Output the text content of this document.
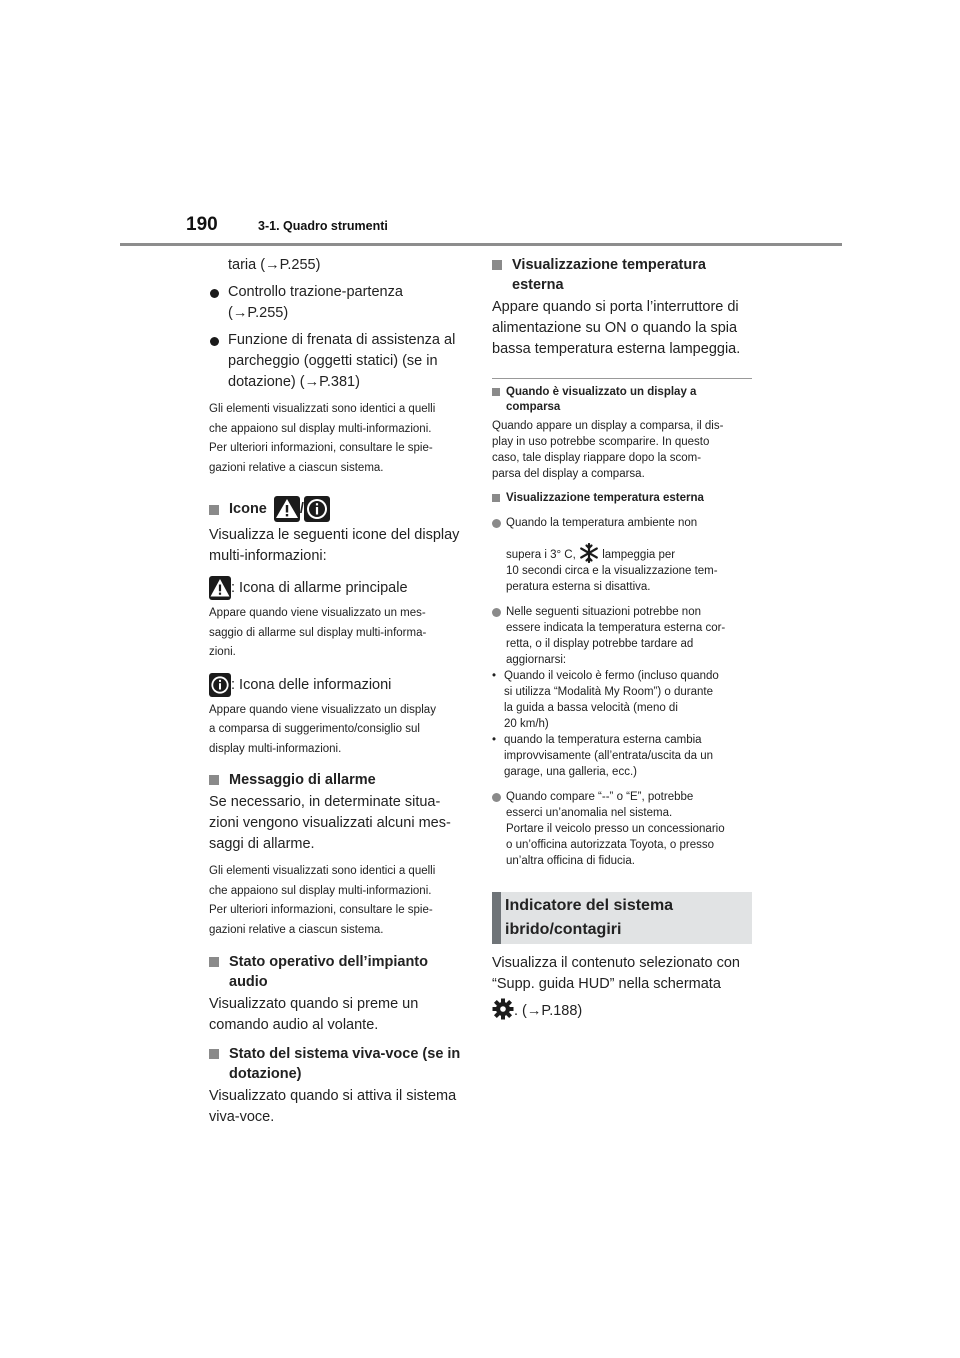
190	3-1. Quadro strumenti
taria (→P.255)
Controllo trazione-partenza
(→P.255)
Funzione di frenata di assistenza al
parcheggio (oggetti statici) (se in
dotazione) (→P.381)
Gli elementi visualizzati sono identici a quelli
che appaiono sul display multi-informazioni.
Per ulteriori informazioni, consultare le spie-
gazioni relative a ciascun sistema.
Icone /
Visualizza le seguenti icone del display
multi-informazioni:
: Icona di allarme principale
Appare quando viene visualizzato un mes-
saggio di allarme sul display multi-informa-
zioni.
: Icona delle informazioni
Appare quando viene visualizzato un display
a comparsa di suggerimento/consiglio sul
display multi-informazioni.
Messaggio di allarme
Se necessario, in determinate situa-
zioni vengono visualizzati alcuni mes-
saggi di allarme.
Gli elementi visualizzati sono identici a quelli
che appaiono sul display multi-informazioni.
Per ulteriori informazioni, consultare le spie-
gazioni relative a ciascun sistema.
Stato operativo dell’impianto
audio
Visualizzato quando si preme un
comando audio al volante.
Stato del sistema viva-voce (se in
dotazione)
Visualizzato quando si attiva il sistema
viva-voce.
Visualizzazione temperatura
esterna
Appare quando si porta l’interruttore di
alimentazione su ON o quando la spia
bassa temperatura esterna lampeggia.
Quando è visualizzato un display a
comparsa
Quando appare un display a comparsa, il dis-
play in uso potrebbe scomparire. In questo
caso, tale display riappare dopo la scom-
parsa del display a comparsa.
Visualizzazione temperatura esterna
Quando la temperatura ambiente non
supera i 3° C, lampeggia per
10 secondi circa e la visualizzazione tem-
peratura esterna si disattiva.
Nelle seguenti situazioni potrebbe non
essere indicata la temperatura esterna cor-
retta, o il display potrebbe tardare ad
aggiornarsi:
• Quando il veicolo è fermo (incluso quando
si utilizza “Modalità My Room”) o durante
la guida a bassa velocità (meno di
20 km/h)
• quando la temperatura esterna cambia
improvvisamente (all’entrata/uscita da un
garage, una galleria, ecc.)
Quando compare “--” o “E”, potrebbe
esserci un’anomalia nel sistema.
Portare il veicolo presso un concessionario
o un’officina autorizzata Toyota, o presso
un’altra officina di fiducia.
Indicatore del sistema
ibrido/contagiri
Visualizza il contenuto selezionato con
“Supp. guida HUD” nella schermata
. (→P.188)
